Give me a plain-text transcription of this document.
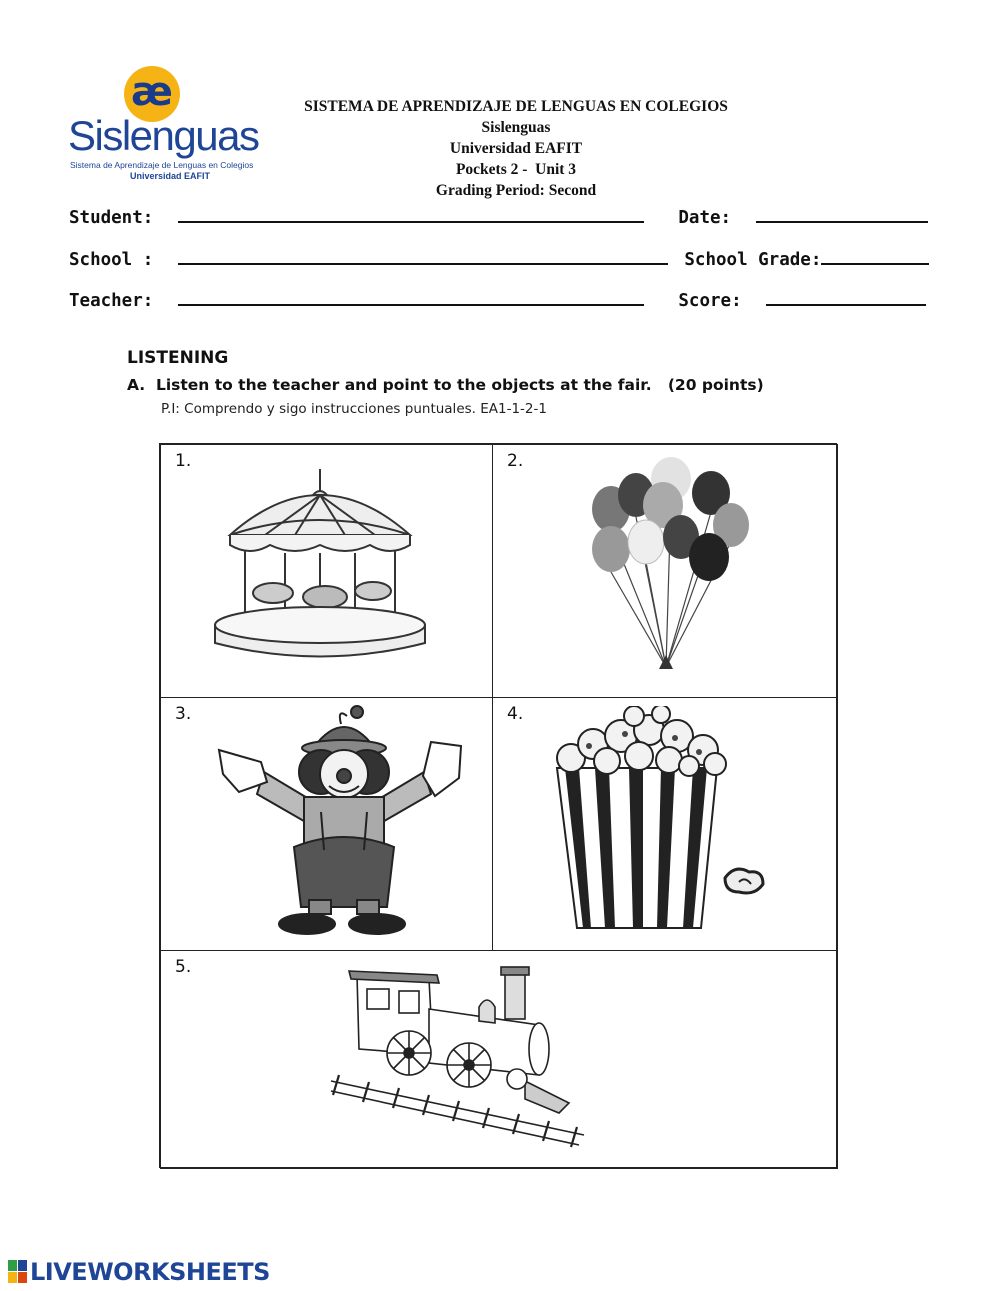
æ
Sislenguas
Sistema de Aprendizaje de Lenguas en Colegios
Universidad EAFIT
SISTEMA DE APRENDIZAJE DE LENGUAS EN COLEGIOS
Sislenguas
Universidad EAFIT
Pockets 2 -  Unit 3
Grading Period: Second
Student:	Date:
School :	School Grade:
Teacher:	Score:
LISTENING
A.  Listen to the teacher and point to the objects at the fair.   (20 points)
P.I: Comprendo y sigo instrucciones puntuales. EA1-1-2-1
1.	2.
3.	4.
5.
LIVEWORKSHEETS
